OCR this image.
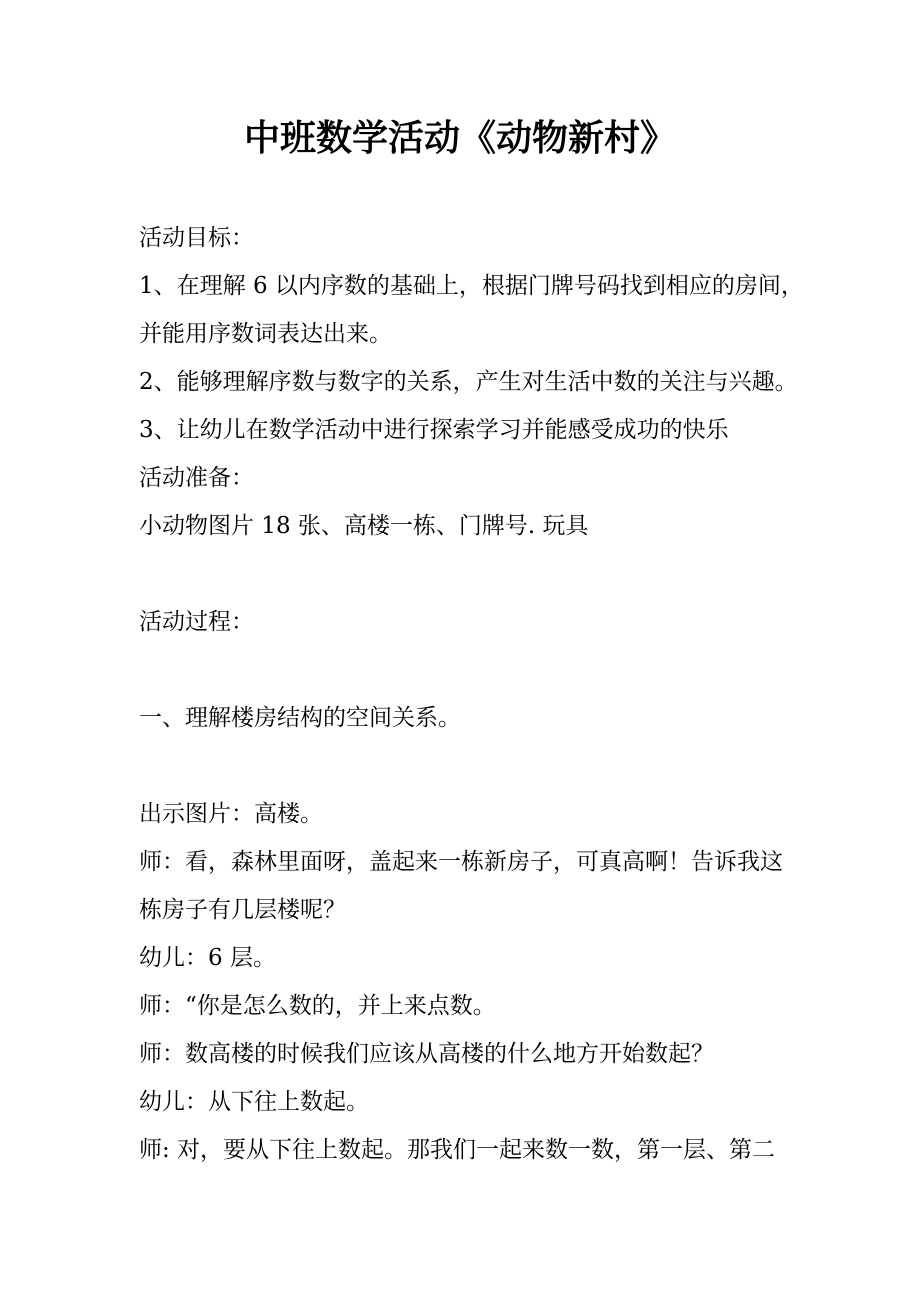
中班数学活动《动物新村》
活动目标：
1、在理解 6 以内序数的基础上，根据门牌号码找到相应的房间，
并能用序数词表达出来。
2、能够理解序数与数字的关系，产生对生活中数的关注与兴趣。
3、让幼儿在数学活动中进行探索学习并能感受成功的快乐
活动准备：
小动物图片 18 张、高楼一栋、门牌号. 玩具
活动过程：
一、理解楼房结构的空间关系。
出示图片：高楼。
师：看，森林里面呀，盖起来一栋新房子，可真高啊！告诉我这
栋房子有几层楼呢？
幼儿：6 层。
师：“你是怎么数的，并上来点数。
师：数高楼的时候我们应该从高楼的什么地方开始数起？
幼儿：从下往上数起。
师: 对，要从下往上数起。那我们一起来数一数，第一层、第二
